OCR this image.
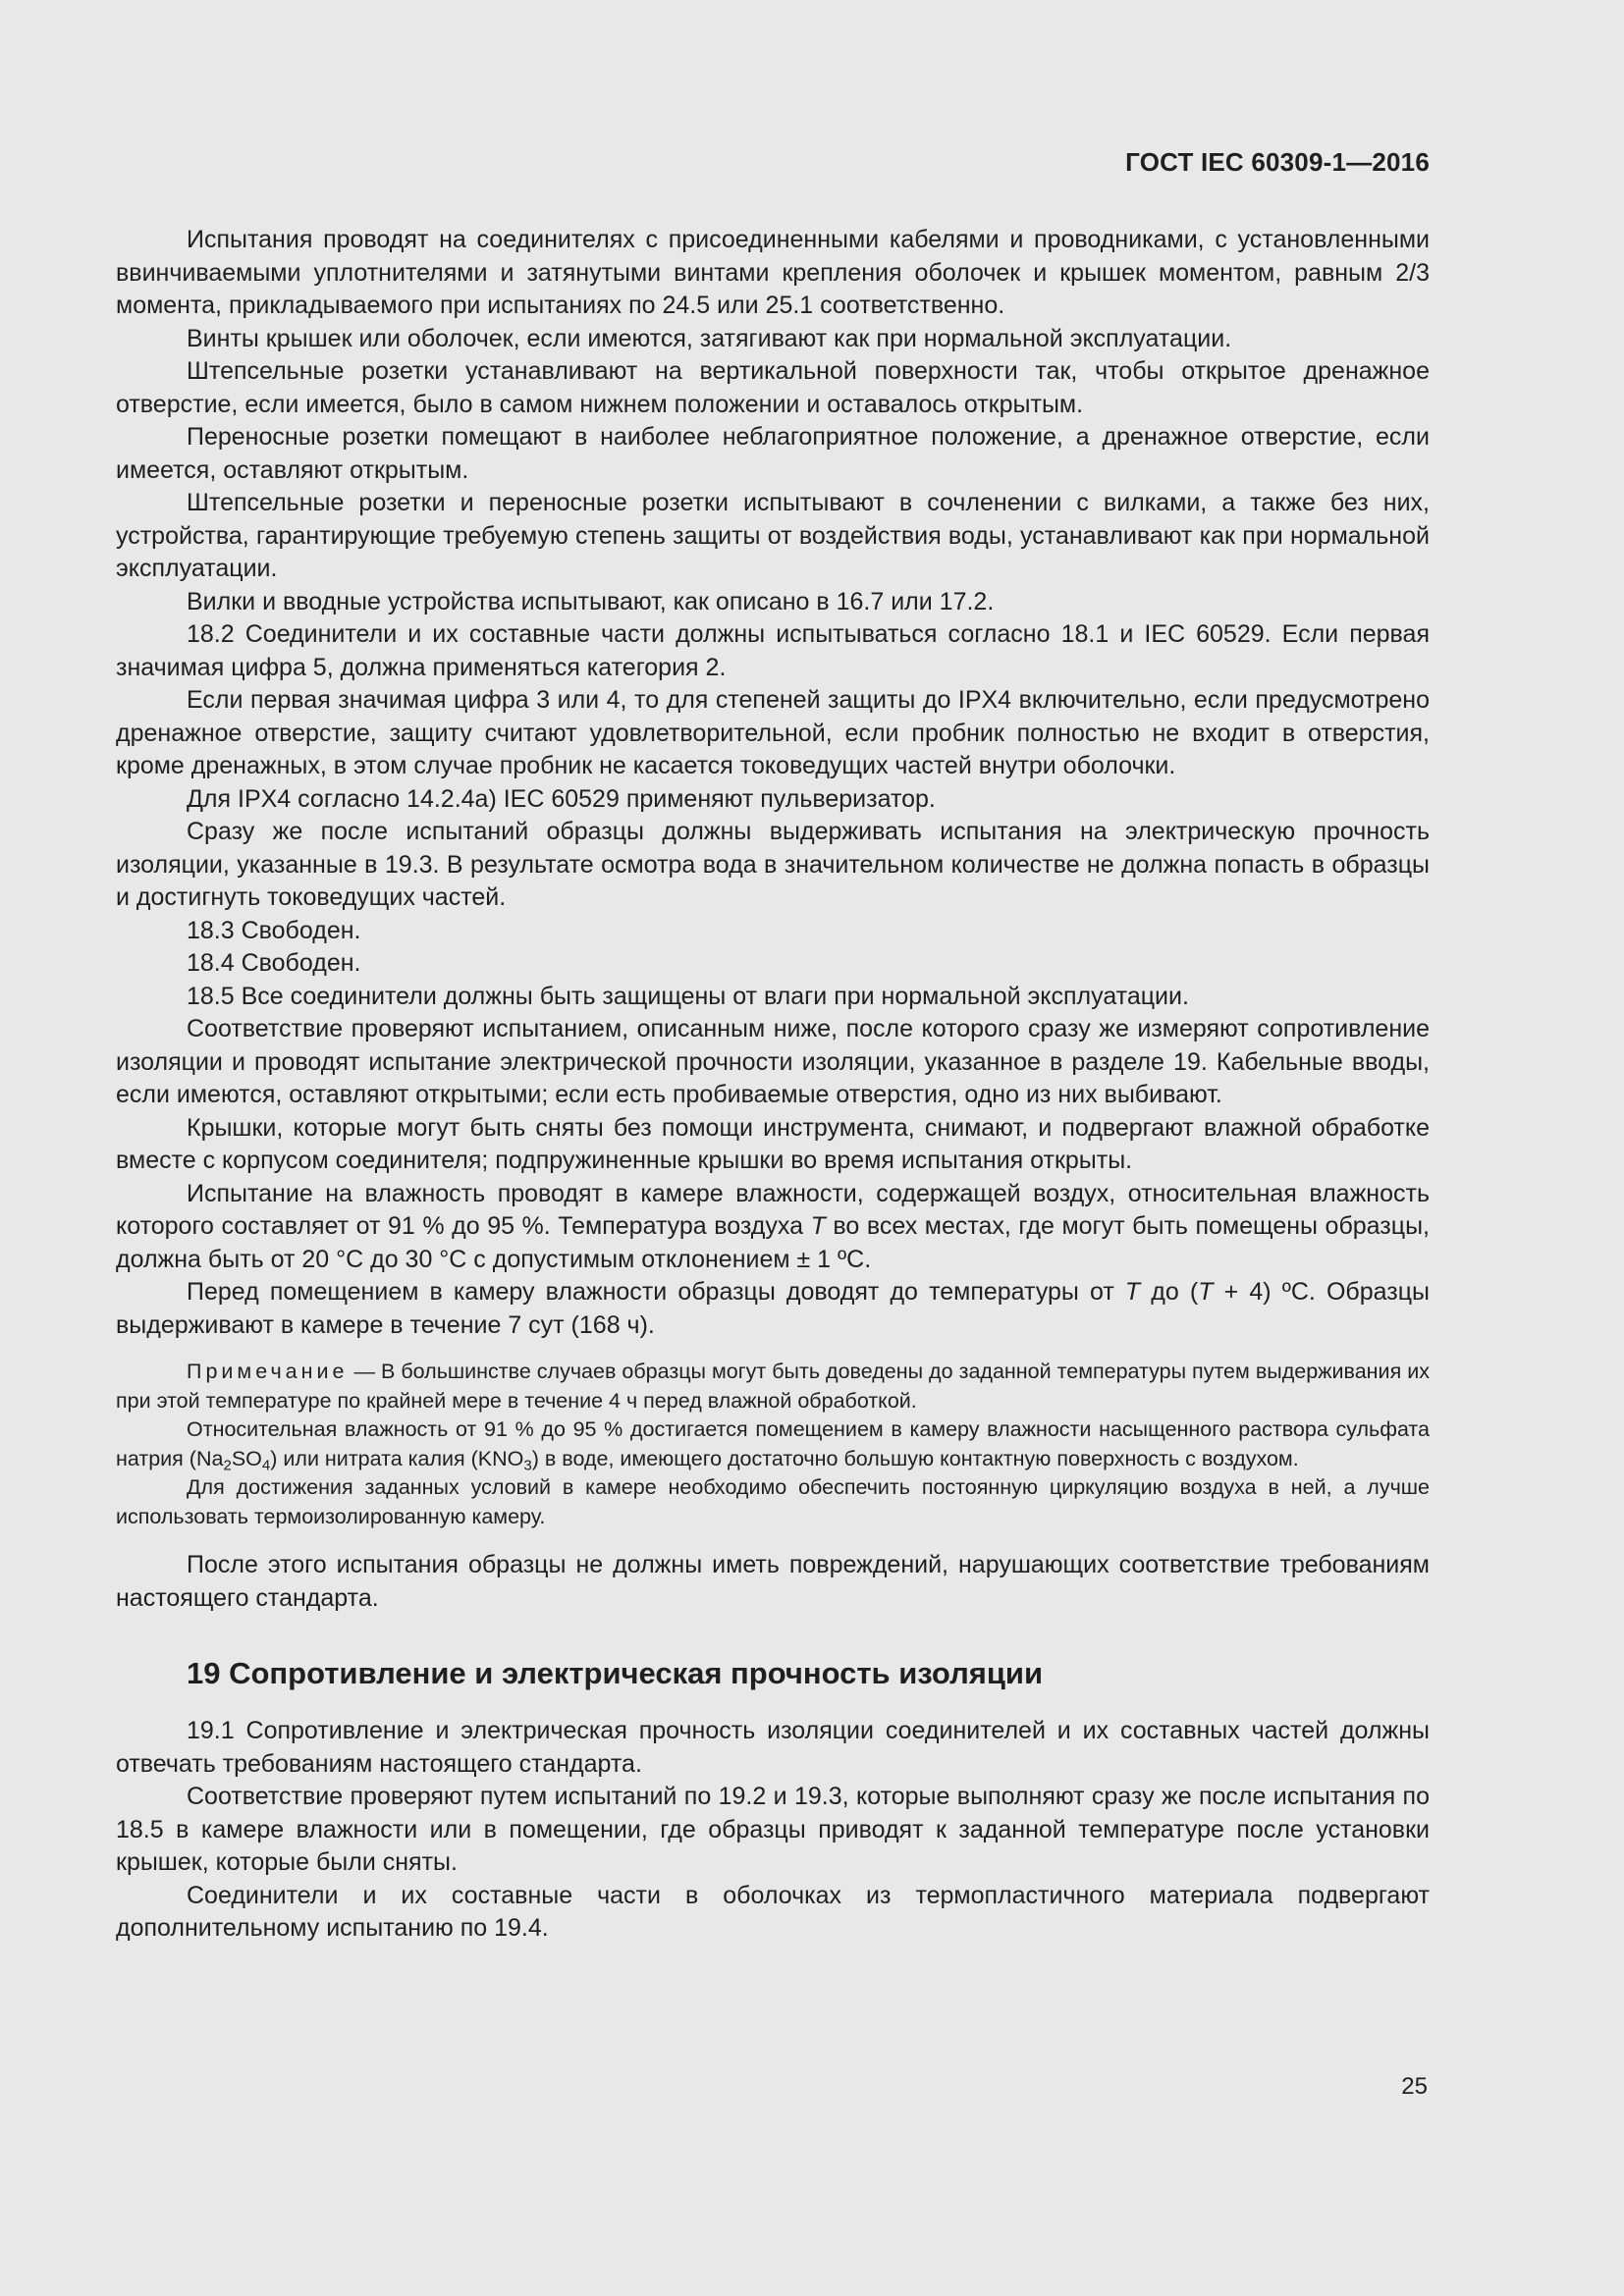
ГОСТ IEC 60309-1—2016

Испытания проводят на соединителях с присоединенными кабелями и проводниками, с установленными ввинчиваемыми уплотнителями и затянутыми винтами крепления оболочек и крышек моментом, равным 2/3 момента, прикладываемого при испытаниях по 24.5 или 25.1 соответственно.

Винты крышек или оболочек, если имеются, затягивают как при нормальной эксплуатации.

Штепсельные розетки устанавливают на вертикальной поверхности так, чтобы открытое дренажное отверстие, если имеется, было в самом нижнем положении и оставалось открытым.

Переносные розетки помещают в наиболее неблагоприятное положение, а дренажное отверстие, если имеется, оставляют открытым.

Штепсельные розетки и переносные розетки испытывают в сочленении с вилками, а также без них, устройства, гарантирующие требуемую степень защиты от воздействия воды, устанавливают как при нормальной эксплуатации.

Вилки и вводные устройства испытывают, как описано в 16.7 или 17.2.

18.2 Соединители и их составные части должны испытываться согласно 18.1 и IEC 60529. Если первая значимая цифра 5, должна применяться категория 2.

Если первая значимая цифра 3 или 4, то для степеней защиты до IPX4 включительно, если предусмотрено дренажное отверстие, защиту считают удовлетворительной, если пробник полностью не входит в отверстия, кроме дренажных, в этом случае пробник не касается токоведущих частей внутри оболочки.

Для IPX4 согласно 14.2.4а) IEC 60529 применяют пульверизатор.

Сразу же после испытаний образцы должны выдерживать испытания на электрическую прочность изоляции, указанные в 19.3. В результате осмотра вода в значительном количестве не должна попасть в образцы и достигнуть токоведущих частей.

18.3 Свободен.

18.4 Свободен.

18.5 Все соединители должны быть защищены от влаги при нормальной эксплуатации.

Соответствие проверяют испытанием, описанным ниже, после которого сразу же измеряют сопротивление изоляции и проводят испытание электрической прочности изоляции, указанное в разделе 19. Кабельные вводы, если имеются, оставляют открытыми; если есть пробиваемые отверстия, одно из них выбивают.

Крышки, которые могут быть сняты без помощи инструмента, снимают, и подвергают влажной обработке вместе с корпусом соединителя; подпружиненные крышки во время испытания открыты.

Испытание на влажность проводят в камере влажности, содержащей воздух, относительная влажность которого составляет от 91 % до 95 %. Температура воздуха T во всех местах, где могут быть помещены образцы, должна быть от 20 °С до 30 °С с допустимым отклонением ± 1 ºС.

Перед помещением в камеру влажности образцы доводят до температуры от T до (T + 4) ºС. Образцы выдерживают в камере в течение 7 сут (168 ч).

Примечание — В большинстве случаев образцы могут быть доведены до заданной температуры путем выдерживания их при этой температуре по крайней мере в течение 4 ч перед влажной обработкой.

Относительная влажность от 91 % до 95 % достигается помещением в камеру влажности насыщенного раствора сульфата натрия $(Na_2SO_4)$ или нитрата калия $(KNO_3)$ в воде, имеющего достаточно большую контактную поверхность с воздухом.

Для достижения заданных условий в камере необходимо обеспечить постоянную циркуляцию воздуха в ней, а лучше использовать термоизолированную камеру.

После этого испытания образцы не должны иметь повреждений, нарушающих соответствие требованиям настоящего стандарта.

19 Сопротивление и электрическая прочность изоляции

19.1 Сопротивление и электрическая прочность изоляции соединителей и их составных частей должны отвечать требованиям настоящего стандарта.

Соответствие проверяют путем испытаний по 19.2 и 19.3, которые выполняют сразу же после испытания по 18.5 в камере влажности или в помещении, где образцы приводят к заданной температуре после установки крышек, которые были сняты.

Соединители и их составные части в оболочках из термопластичного материала подвергают дополнительному испытанию по 19.4.

25
